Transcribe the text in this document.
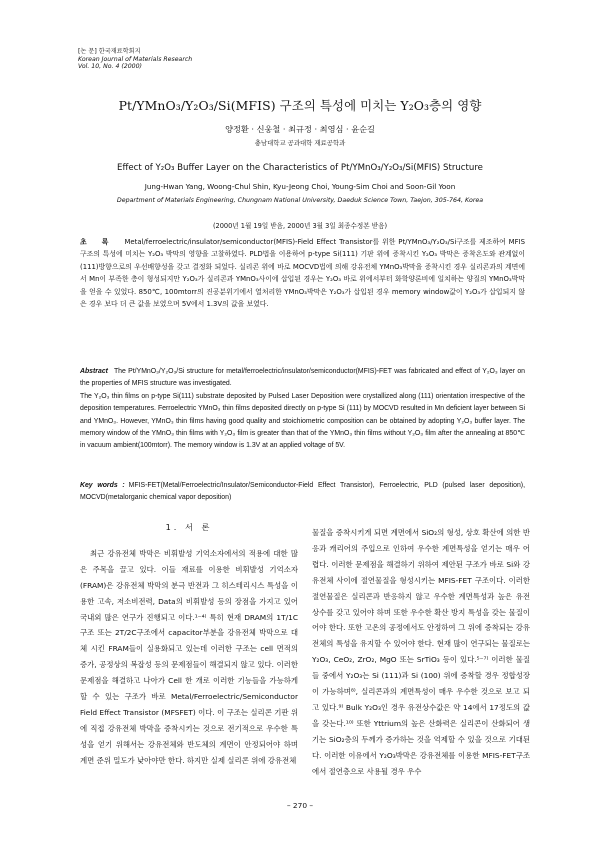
[논 문] 한국재료학회지
Korean Journal of Materials Research
Vol. 10, No. 4 (2000)
Pt/YMnO₃/Y₂O₃/Si(MFIS) 구조의 특성에 미치는 Y₂O₃층의 영향
양정환 · 신웅철 · 최규정 · 최영심 · 윤순길
충남대학교 공과대학 재료공학과
Effect of Y₂O₃ Buffer Layer on the Characteristics of Pt/YMnO₃/Y₂O₃/Si(MFIS) Structure
Jung-Hwan Yang, Woong-Chul Shin, Kyu-Jeong Choi, Young-Sim Choi and Soon-Gil Yoon
Department of Materials Engineering, Chungnam National University, Daeduk Science Town, Taejon, 305-764, Korea
(2000년 1월 19일 받음, 2000년 3월 3일 최종수정본 받음)
초 록 Metal/ferroelectric/insulator/semiconductor(MFIS)-Field Effect Transistor를 위한 Pt/YMnO₃/Y₂O₃/Si구조를 제조하여 MFIS구조의 특성에 미치는 Y₂O₃ 박막의 영향을 고찰하였다. PLD법을 이용하여 p-type Si(111) 기판 위에 증착시킨 Y₂O₃ 박막은 증착온도와 관계없이 (111)방향으로의 우선배향성을 갖고 결정화 되었다. 실리콘 위에 바로 MOCVD법에 의해 강유전체 YMnO₃박막을 증착시킨 경우 실리콘과의 계면에서 Mn이 부족한 층이 형성되지만 Y₂O₃가 실리콘과 YMnO₃사이에 삽입된 경우는 Y₂O₃ 바로 위에서부터 화학양론비에 일치하는 양질의 YMnO₃박막을 얻을 수 있었다. 850℃, 100mtorr의 진공분위기에서 열처리한 YMnO₃박막은 Y₂O₃가 삽입된 경우 memory window값이 Y₂O₃가 삽입되지 않은 경우 보다 더 큰 값을 보였으며 5V에서 1.3V의 값을 보였다.

Abstract The Pt/YMnO₃/Y₂O₃/Si structure for metal/ferroelectric/insulator/semiconductor(MFIS)-FET was fabricated and effect of Y₂O₃ layer on the properties of MFIS structure was investigated.

The Y₂O₃ thin films on p-type Si(111) substrate deposited by Pulsed Laser Deposition were crystallized along (111) orientation irrespective of the deposition temperatures. Ferroelectric YMnO₃ thin films deposited directly on p-type Si (111) by MOCVD resulted in Mn deficient layer between Si and YMnO₃. However, YMnO₃ thin films having good quality and stoichiometric composition can be obtained by adopting Y₂O₃ buffer layer. The memory window of the YMnO₃ thin films with Y₂O₃ film is greater than that of the YMnO₃ thin films without Y₂O₃ film after the annealing at 850℃ in vacuum ambient(100mtorr). The memory window is 1.3V at an applied voltage of 5V.

Key words : MFIS-FET(Metal/Ferroelectric/Insulator/Semiconductor-Field Effect Transistor), Ferroelectric, PLD (pulsed laser deposition), MOCVD(metalorganic chemical vapor deposition)
1. 서 론

최근 강유전체 박막은 비휘발성 기억소자에서의 적용에 대한 많은 주목을 끌고 있다. 이들 재료를 이용한 비휘발성 기억소자(FRAM)은 강유전체 박막의 분극 반전과 그 히스테리시스 특성을 이용한 고속, 저소비전력, Data의 비휘발성 등의 장점을 가지고 있어 국내외 많은 연구가 진행되고 이다.¹⁻⁴⁾ 특히 현재 DRAM의 1T/1C구조 또는 2T/2C구조에서 capacitor부분을 강유전체 박막으로 대체 시킨 FRAM들이 실용화되고 있는데 이러한 구조는 cell 면적의 증가, 공정상의 복잡성 등의 문제점들이 해결되지 않고 있다. 이러한 문제점을 해결하고 나아가 Cell 한 개로 이러한 기능들을 가능하게 할 수 있는 구조가 바로 Metal/Ferroelectric/Semiconductor Field Effect Transistor (MFSFET) 이다. 이 구조는 실리콘 기판 위에 직접 강유전체 박막을 증착시키는 것으로 전기적으로 우수한 특성을 얻기 위해서는 강유전체와 반도체의 계면이 안정되어야 하며 계면 준위 밀도가 낮아야만 한다. 하지만 실제 실리콘 위에 강유전체

물질을 증착시키게 되면 계면에서 SiO₂의 형성, 상호 확산에 의한 반응과 캐리어의 주입으로 인하여 우수한 계면특성을 얻기는 매우 어렵다. 이러한 문제점을 해결하기 위하여 제안된 구조가 바로 Si와 강유전체 사이에 절연물질을 형성시키는 MFIS-FET 구조이다. 이러한 절연물질은 실리콘과 반응하지 않고 우수한 계면특성과 높은 유전 상수를 갖고 있어야 하며 또한 우수한 확산 방지 특성을 갖는 물질이어야 한다. 또한 고온의 공정에서도 안정하여 그 위에 증착되는 강유전체의 특성을 유지할 수 있어야 한다. 현재 많이 연구되는 물질로는 Y₂O₃, CeO₂, ZrO₂, MgO 또는 SrTiO₃ 등이 있다.⁵⁻⁷⁾ 이러한 물질들 중에서 Y₂O₃는 Si (111)과 Si (100) 위에 증착할 경우 정합성장이 가능하며⁸⁾, 실리콘과의 계면특성이 매우 우수한 것으로 보고 되고 있다.⁹⁾ Bulk Y₂O₃인 경우 유전상수값은 약 14에서 17정도의 값을 갖는다.¹⁰⁾ 또한 Yttrium의 높은 산화력은 실리콘이 산화되어 생기는 SiO₂층의 두께가 증가하는 것을 억제할 수 있을 것으로 기대된다. 이러한 이유에서 Y₂O₃박막은 강유전체를 이용한 MFIS-FET구조에서 절연층으로 사용될 경우 우수

– 270 –
